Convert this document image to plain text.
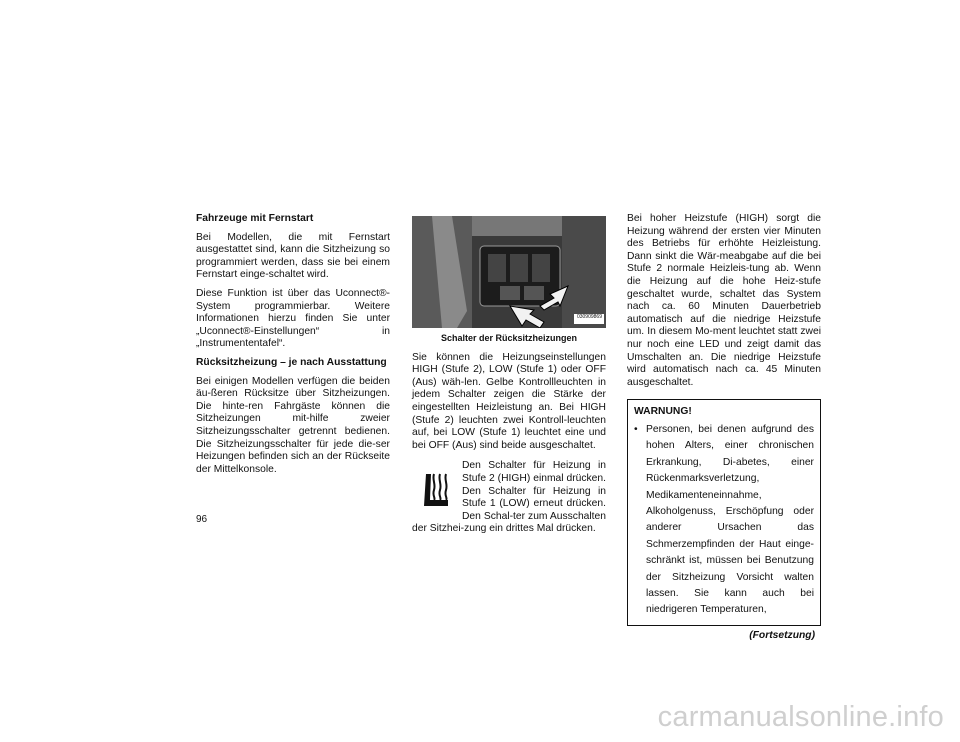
Fahrzeuge mit Fernstart

Bei Modellen, die mit Fernstart ausgestattet sind, kann die Sitzheizung so programmiert werden, dass sie bei einem Fernstart einge-schaltet wird.

Diese Funktion ist über das Uconnect®-System programmierbar. Weitere Informationen hierzu finden Sie unter „Uconnect®-Einstellungen“ in „Instrumententafel“.

Rücksitzheizung – je nach Ausstattung

Bei einigen Modellen verfügen die beiden äu-ßeren Rücksitze über Sitzheizungen. Die hinte-ren Fahrgäste können die Sitzheizungen mit-hilfe zweier Sitzheizungsschalter getrennt bedienen. Die Sitzheizungsschalter für jede die-ser Heizungen befinden sich an der Rückseite der Mittelkonsole.

030909869
Schalter der Rücksitzheizungen

Sie können die Heizungseinstellungen HIGH (Stufe 2), LOW (Stufe 1) oder OFF (Aus) wäh-len. Gelbe Kontrollleuchten in jedem Schalter zeigen die Stärke der eingestellten Heizleistung an. Bei HIGH (Stufe 2) leuchten zwei Kontroll-leuchten auf, bei LOW (Stufe 1) leuchtet eine und bei OFF (Aus) sind beide ausgeschaltet.

Den Schalter für Heizung in Stufe 2 (HIGH) einmal drücken. Den Schalter für Heizung in Stufe 1 (LOW) erneut drücken. Den Schal-ter zum Ausschalten der Sitzhei-zung ein drittes Mal drücken.

Bei hoher Heizstufe (HIGH) sorgt die Heizung während der ersten vier Minuten des Betriebs für erhöhte Heizleistung. Dann sinkt die Wär-meabgabe auf die bei Stufe 2 normale Heizleis-tung ab. Wenn die Heizung auf die hohe Heiz-stufe geschaltet wurde, schaltet das System nach ca. 60 Minuten Dauerbetrieb automatisch auf die niedrige Heizstufe um. In diesem Mo-ment leuchtet statt zwei nur noch eine LED und zeigt damit das Umschalten an. Die niedrige Heizstufe wird automatisch nach ca. 45 Minuten ausgeschaltet.

WARNUNG!
• Personen, bei denen aufgrund des hohen Alters, einer chronischen Erkrankung, Di-abetes, einer Rückenmarksverletzung, Medikamenteneinnahme, Alkoholgenuss, Erschöpfung oder anderer Ursachen das Schmerzempfinden der Haut einge-schränkt ist, müssen bei Benutzung der Sitzheizung Vorsicht walten lassen. Sie kann auch bei niedrigeren Temperaturen,
(Fortsetzung)
96
carmanualsonline.info
